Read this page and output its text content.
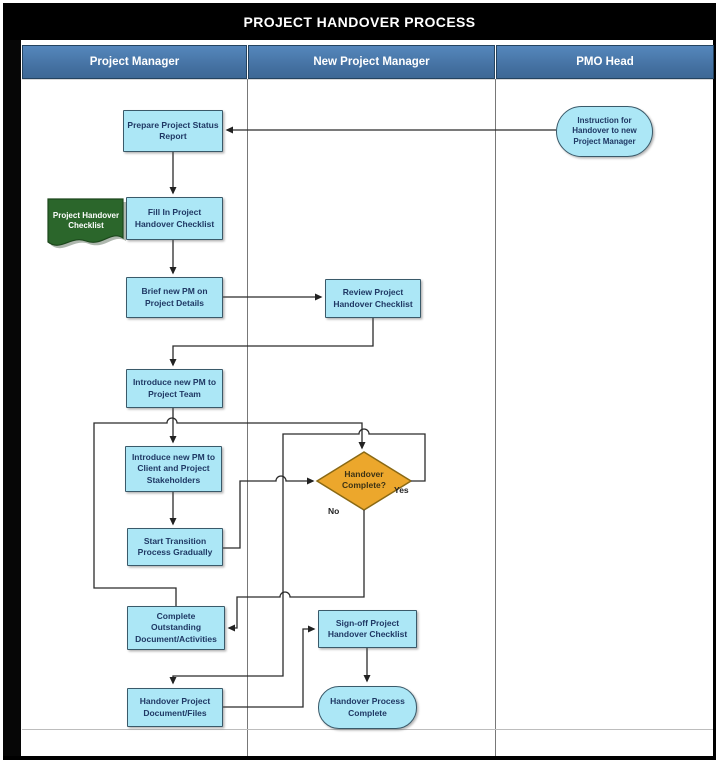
PROJECT HANDOVER PROCESS
Project Manager	New Project Manager	PMO Head
Instruction for Handover to new Project Manager
Prepare Project Status Report
Fill In Project Handover Checklist
Brief new PM on Project Details
Review Project Handover Checklist
Introduce new PM to Project Team
Introduce new PM to Client and Project Stakeholders
Start Transition Process Gradually
Complete Outstanding Document/Activities
Handover Project Document/Files
Sign-off Project Handover Checklist
Handover Process Complete
Project Handover Checklist
Handover Complete? Yes
No
